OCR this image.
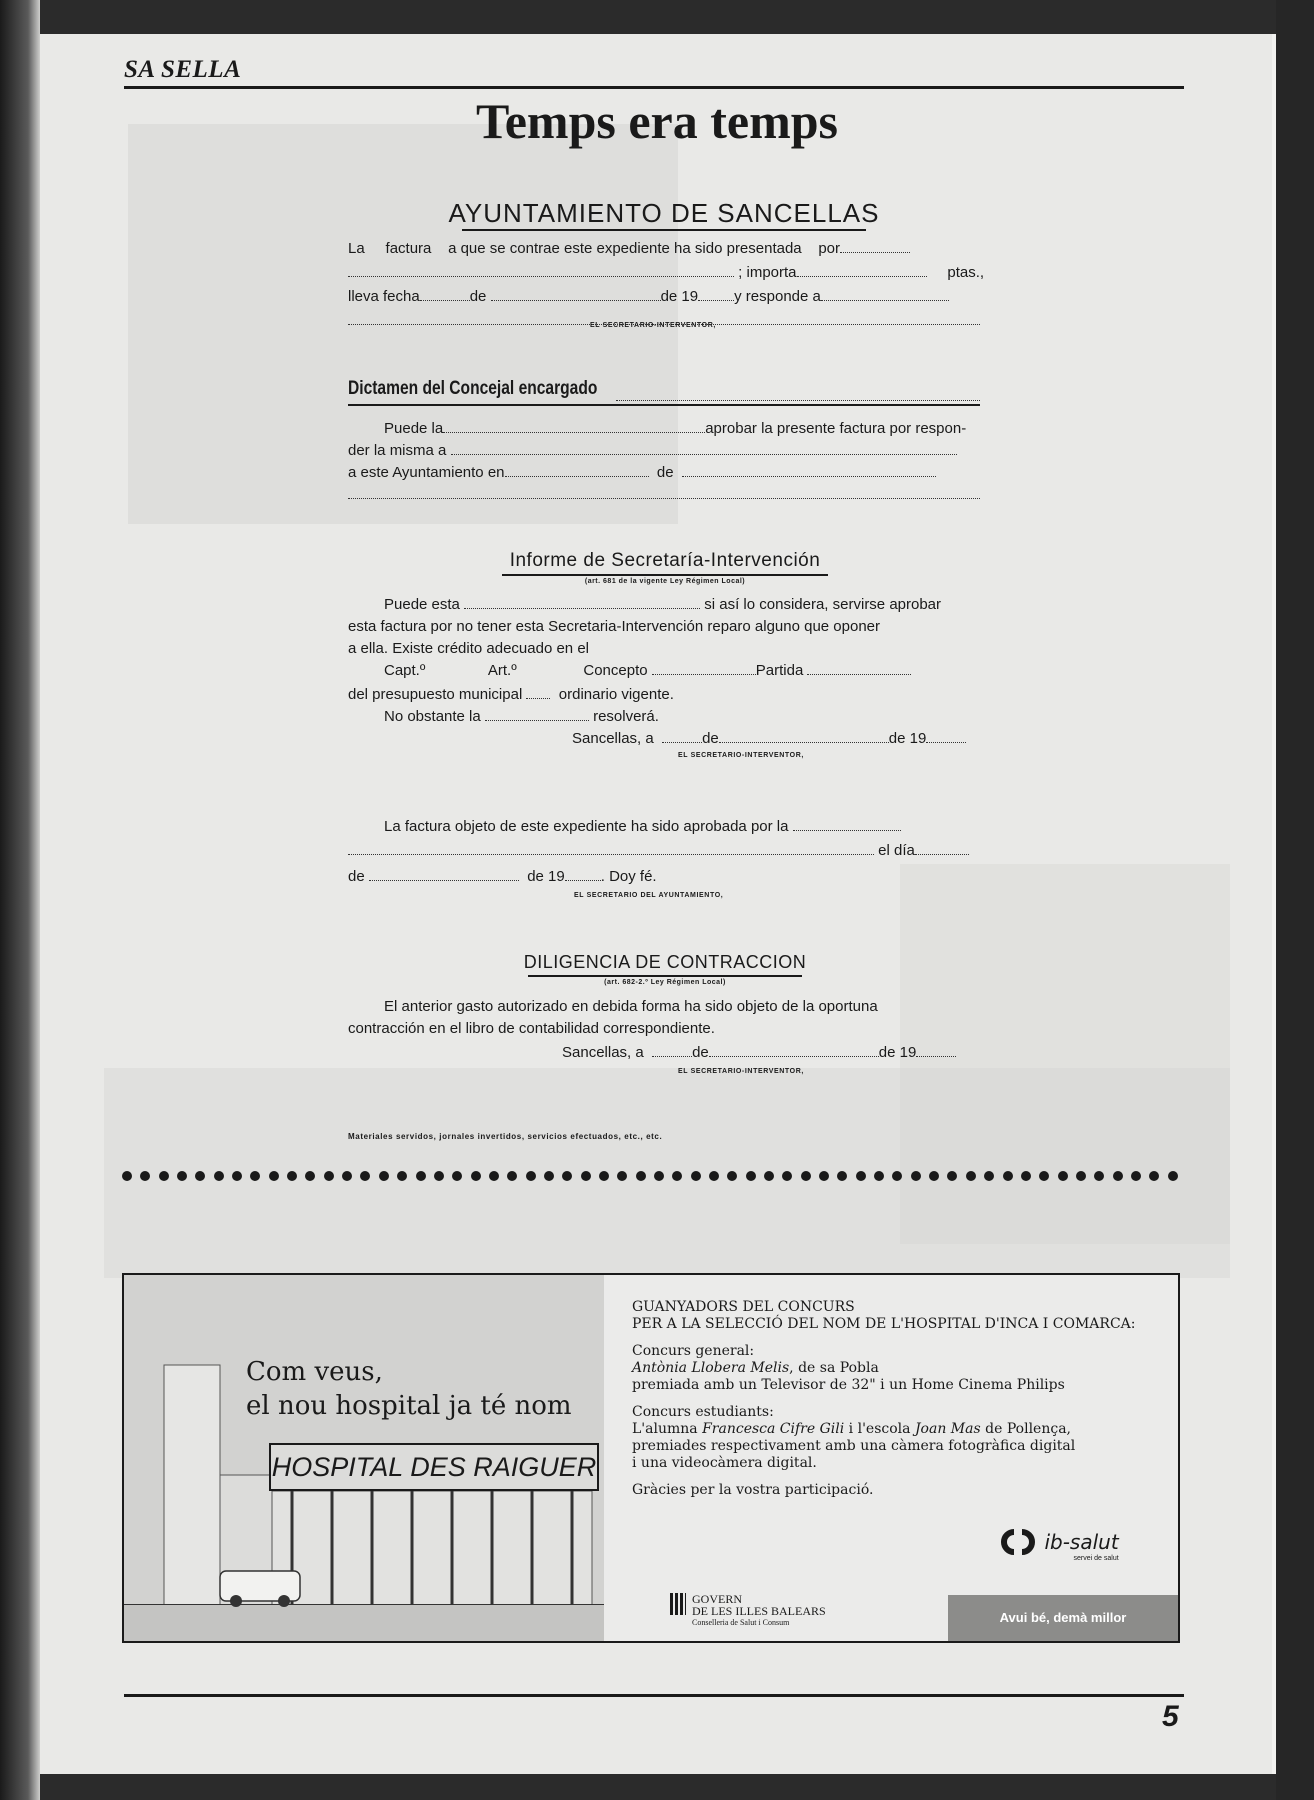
SA SELLA
Temps era temps
AYUNTAMIENTO DE SANCELLAS
La factura a que se contrae este expediente ha sido presentada por
; importa	ptas.,
lleva fecha	de	de 19 y responde a
EL SECRETARIO-INTERVENTOR,
Dictamen del Concejal encargado
Puede la	aprobar la presente factura por respon-
der la misma a
a este Ayuntamiento en	de
Informe de Secretaría-Intervención
(art. 681 de la vigente Ley Régimen Local)
Puede esta	si así lo considera, servirse aprobar
esta factura por no tener esta Secretaria-Intervención reparo alguno que oponer
a ella. Existe crédito adecuado en el
Capt.º	Art.º	Concepto	Partida
del presupuesto municipal ordinario vigente.
No obstante la	resolverá.
Sancellas, a	de	de 19
EL SECRETARIO-INTERVENTOR,
La factura objeto de este expediente ha sido aprobada por la
el día
de	de 19 . Doy fé.
EL SECRETARIO DEL AYUNTAMIENTO,
DILIGENCIA DE CONTRACCION
(art. 682-2.º Ley Régimen Local)
El anterior gasto autorizado en debida forma ha sido objeto de la oportuna
contracción en el libro de contabilidad correspondiente.
Sancellas, a	de	de 19
EL SECRETARIO-INTERVENTOR,
Materiales servidos, jornales invertidos, servicios efectuados, etc., etc.
Com veus,
el nou hospital ja té nom
HOSPITAL DES RAIGUER

GUANYADORS DEL CONCURS
PER A LA SELECCIÓ DEL NOM DE L'HOSPITAL D'INCA I COMARCA:

Concurs general:
Antònia Llobera Melis, de sa Pobla
premiada amb un Televisor de 32" i un Home Cinema Philips

Concurs estudiants:
L'alumna Francesca Cifre Gili i l'escola Joan Mas de Pollença,
premiades respectivament amb una càmera fotogràfica digital
i una videocàmera digital.

Gràcies per la vostra participació.

ib-salut
servei de salut
GOVERN
DE LES ILLES BALEARS
Conselleria de Salut i Consum	Avui bé, demà millor
5
